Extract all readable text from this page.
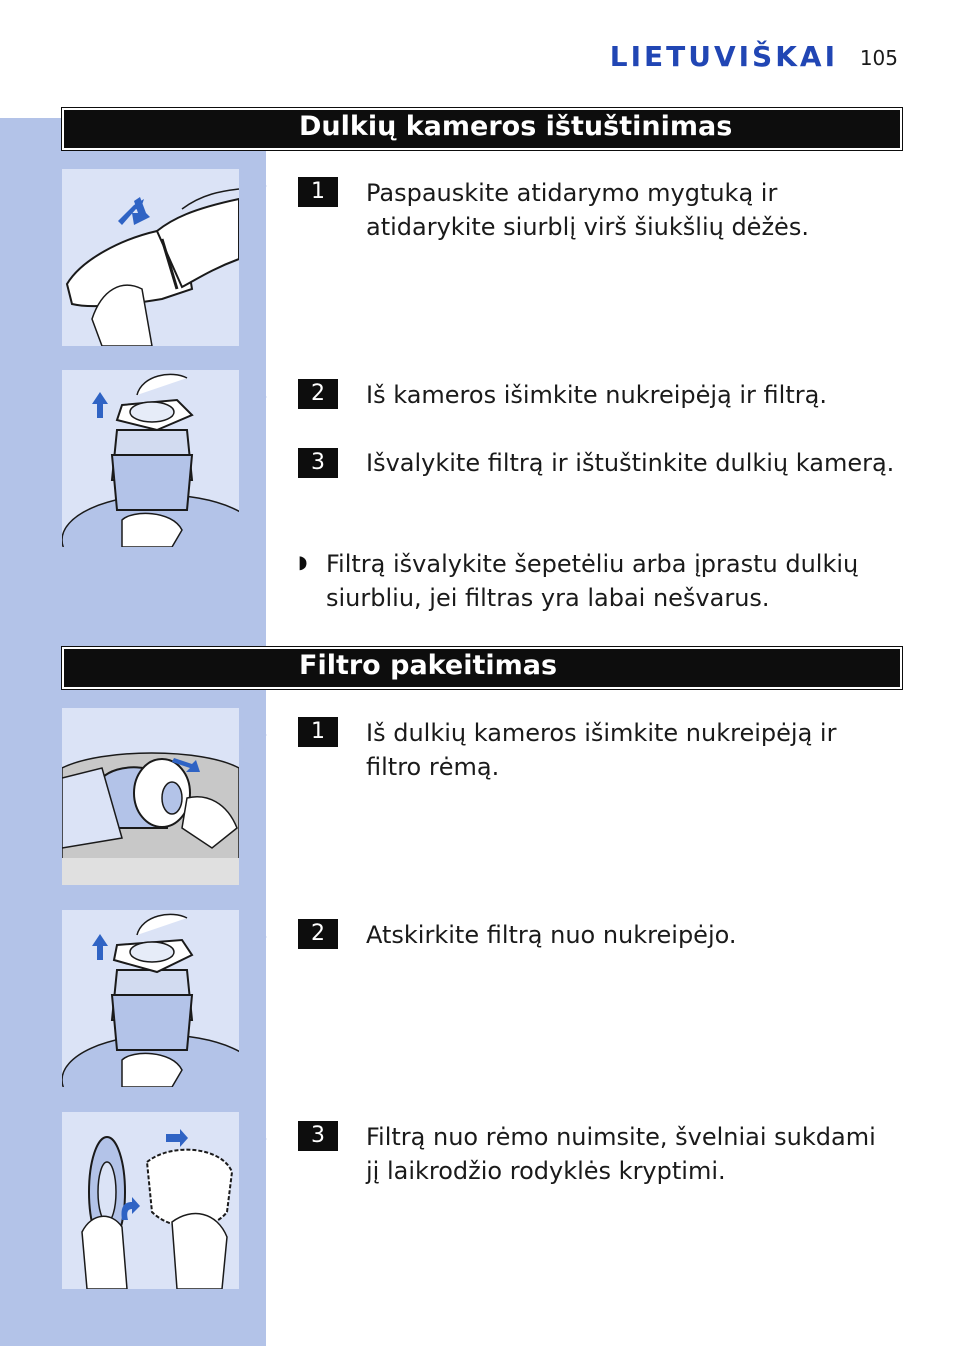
LIETUVIŠKAI 105
Dulkių kameros ištuštinimas
1	Paspauskite atidarymo mygtuką ir atidarykite siurblį virš šiukšlių dėžės.
2	Iš kameros išimkite nukreipėją ir filtrą.
3	Išvalykite filtrą ir ištuštinkite dulkių kamerą.
◗ Filtrą išvalykite šepetėliu arba įprastu dulkių siurbliu, jei filtras yra labai nešvarus.
Filtro pakeitimas
1	Iš dulkių kameros išimkite nukreipėją ir filtro rėmą.
2	Atskirkite filtrą nuo nukreipėjo.
3	Filtrą nuo rėmo nuimsite, švelniai sukdami jį laikrodžio rodyklės kryptimi.
